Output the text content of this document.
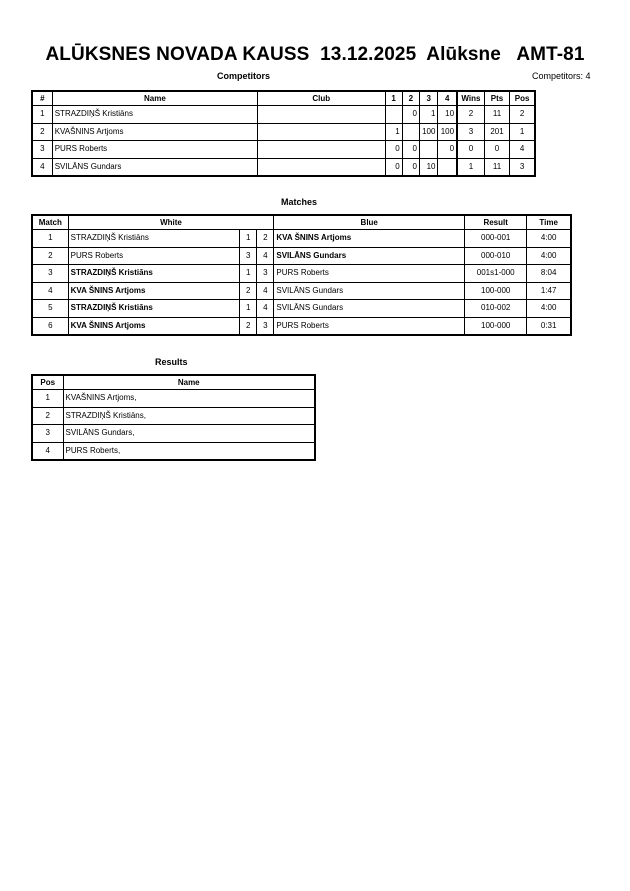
ALŪKSNES NOVADA KAUSS  13.12.2025  Alūksne   AMT-81
Competitors	Competitors: 4
#	Name	Club	1	2	3	4	Wins	Pts	Pos
1	STRAZDIŅŠ Kristiāns			0	1	10	2	11	2
2	KVAŠNINS Artjoms		1		100	100	3	201	1
3	PURS Roberts		0	0		0	0	0	4
4	SVILĀNS Gundars		0	0	10		1	11	3
Matches
Match	White			Blue	Result	Time
1	STRAZDIŅŠ Kristiāns	1	2	KVA ŠNINS Artjoms	000-001	4:00
2	PURS Roberts	3	4	SVILĀNS Gundars	000-010	4:00
3	STRAZDIŅŠ Kristiāns	1	3	PURS Roberts	001s1-000	8:04
4	KVA ŠNINS Artjoms	2	4	SVILĀNS Gundars	100-000	1:47
5	STRAZDIŅŠ Kristiāns	1	4	SVILĀNS Gundars	010-002	4:00
6	KVA ŠNINS Artjoms	2	3	PURS Roberts	100-000	0:31
Results
Pos	Name
1	KVAŠNINS Artjoms,
2	STRAZDIŅŠ Kristiāns,
3	SVILĀNS Gundars,
4	PURS Roberts,
